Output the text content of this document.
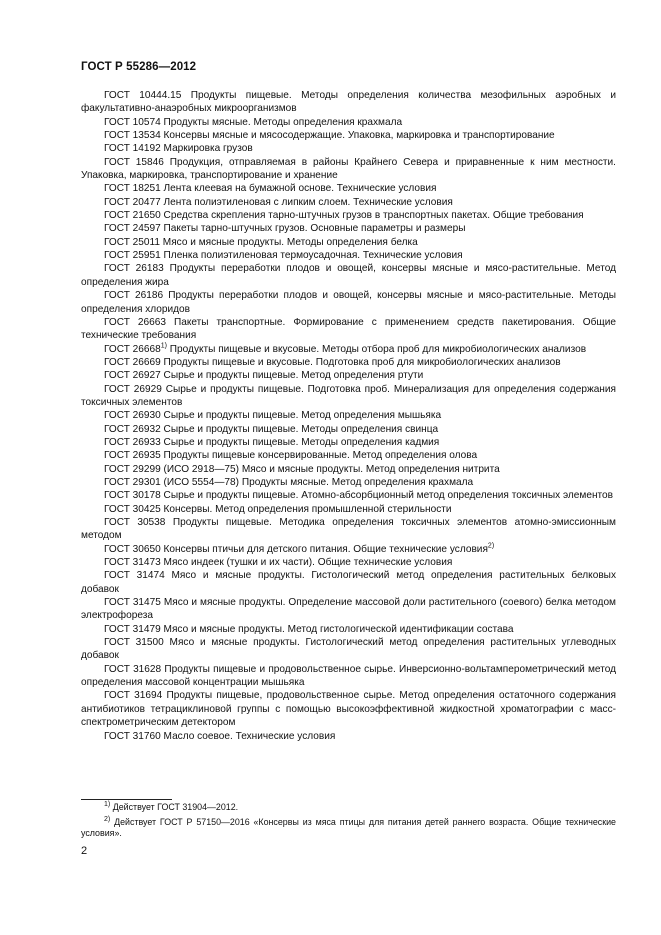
ГОСТ Р 55286—2012

ГОСТ 10444.15 Продукты пищевые. Методы определения количества мезофильных аэробных и факультативно-анаэробных микроорганизмов

ГОСТ 10574 Продукты мясные. Методы определения крахмала

ГОСТ 13534 Консервы мясные и мясосодержащие. Упаковка, маркировка и транспортирование

ГОСТ 14192 Маркировка грузов

ГОСТ 15846 Продукция, отправляемая в районы Крайнего Севера и приравненные к ним местности. Упаковка, маркировка, транспортирование и хранение

ГОСТ 18251 Лента клеевая на бумажной основе. Технические условия

ГОСТ 20477 Лента полиэтиленовая с липким слоем. Технические условия

ГОСТ 21650 Средства скрепления тарно-штучных грузов в транспортных пакетах. Общие требования

ГОСТ 24597 Пакеты тарно-штучных грузов. Основные параметры и размеры

ГОСТ 25011 Мясо и мясные продукты. Методы определения белка

ГОСТ 25951 Пленка полиэтиленовая термоусадочная. Технические условия

ГОСТ 26183 Продукты переработки плодов и овощей, консервы мясные и мясо-растительные. Метод определения жира

ГОСТ 26186 Продукты переработки плодов и овощей, консервы мясные и мясо-растительные. Методы определения хлоридов

ГОСТ 26663 Пакеты транспортные. Формирование с применением средств пакетирования. Общие технические требования

ГОСТ 26668$^{1)}$ Продукты пищевые и вкусовые. Методы отбора проб для микробиологических анализов

ГОСТ 26669 Продукты пищевые и вкусовые. Подготовка проб для микробиологических анализов

ГОСТ 26927 Сырье и продукты пищевые. Метод определения ртути

ГОСТ 26929 Сырье и продукты пищевые. Подготовка проб. Минерализация для определения содержания токсичных элементов

ГОСТ 26930 Сырье и продукты пищевые. Метод определения мышьяка

ГОСТ 26932 Сырье и продукты пищевые. Методы определения свинца

ГОСТ 26933 Сырье и продукты пищевые. Методы определения кадмия

ГОСТ 26935 Продукты пищевые консервированные. Метод определения олова

ГОСТ 29299 (ИСО 2918—75) Мясо и мясные продукты. Метод определения нитрита

ГОСТ 29301 (ИСО 5554—78) Продукты мясные. Метод определения крахмала

ГОСТ 30178 Сырье и продукты пищевые. Атомно-абсорбционный метод определения токсичных элементов

ГОСТ 30425 Консервы. Метод определения промышленной стерильности

ГОСТ 30538 Продукты пищевые. Методика определения токсичных элементов атомно-эмиссионным методом

ГОСТ 30650 Консервы птичьи для детского питания. Общие технические условия$^{2)}$

ГОСТ 31473 Мясо индеек (тушки и их части). Общие технические условия

ГОСТ 31474 Мясо и мясные продукты. Гистологический метод определения растительных белковых добавок

ГОСТ 31475 Мясо и мясные продукты. Определение массовой доли растительного (соевого) белка методом электрофореза

ГОСТ 31479 Мясо и мясные продукты. Метод гистологической идентификации состава

ГОСТ 31500 Мясо и мясные продукты. Гистологический метод определения растительных углеводных добавок

ГОСТ 31628 Продукты пищевые и продовольственное сырье. Инверсионно-вольтамперометрический метод определения массовой концентрации мышьяка

ГОСТ 31694 Продукты пищевые, продовольственное сырье. Метод определения остаточного содержания антибиотиков тетрациклиновой группы с помощью высокоэффективной жидкостной хроматографии с масс-спектрометрическим детектором

ГОСТ 31760 Масло соевое. Технические условия

$^{1)}$ Действует ГОСТ 31904—2012.

$^{2)}$ Действует ГОСТ Р 57150—2016 «Консервы из мяса птицы для питания детей раннего возраста. Общие технические условия».

2
